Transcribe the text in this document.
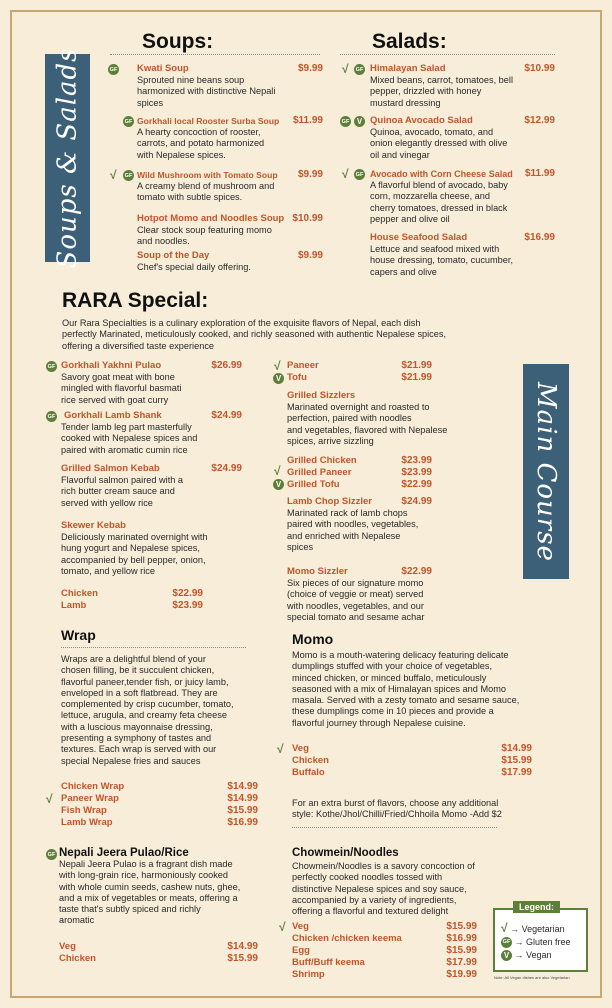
Soups & Salads
Soups:	Salads:
GF Kwati Soup	$9.99
Sprouted nine beans soup
harmonized with distinctive Nepali
spices
GF Gorkhali local Rooster Surba Soup $11.99
A hearty concoction of rooster,
carrots, and potato harmonized
with Nepalese spices.
√	GF Wild Mushroom with Tomato Soup $9.99
A creamy blend of mushroom and
tomato with subtle spices.
Hotpot Momo and Noodles Soup $10.99
Clear stock soup featuring momo
and noodles.
Soup of the Day	$9.99
Chef's special daily offering.
√	GF Himalayan Salad	$10.99
Mixed beans, carrot, tomatoes, bell
pepper, drizzled with honey
mustard dressing
GF V Quinoa Avocado Salad	$12.99
Quinoa, avocado, tomato, and
onion elegantly dressed with olive
oil and vinegar
√	GF Avocado with Corn Cheese Salad $11.99
A flavorful blend of avocado, baby
corn, mozzarella cheese, and
cherry tomatoes, dressed in black
pepper and olive oil
House Seafood Salad	$16.99
Lettuce and seafood mixed with
house dressing, tomato, cucumber,
capers and olive
RARA Special:
Our Rara Specialties is a culinary exploration of the exquisite flavors of Nepal, each dish
perfectly Marinated, meticulously cooked, and richly seasoned with authentic Nepalese spices,
offering a diversified taste experience
Main Course
GF Gorkhali Yakhni Pulao	$26.99
Savory goat meat with bone
mingled with flavorful basmati
rice served with goat curry
GF Gorkhali Lamb Shank	$24.99
Tender lamb leg part masterfully
cooked with Nepalese spices and
paired with aromatic cumin rice
Grilled Salmon Kebab	$24.99
Flavorful salmon paired with a
rich butter cream sauce and
served with yellow rice
Skewer Kebab
Deliciously marinated overnight with
hung yogurt and Nepalese spices,
accompanied by bell pepper, onion,
tomato, and yellow rice
Chicken	$22.99
Lamb	$23.99
√
V
Paneer	$21.99
Tofu	$21.99
Grilled Sizzlers
Marinated overnight and roasted to
perfection, paired with noodles
and vegetables, flavored with Nepalese
spices, arrive sizzling
√
V
Grilled Chicken	$23.99
Grilled Paneer	$23.99
Grilled Tofu	$22.99
Lamb Chop Sizzler	$24.99
Marinated rack of lamb chops
paired with noodles, vegetables,
and enriched with Nepalese
spices
Momo Sizzler	$22.99
Six pieces of our signature momo
(choice of veggie or meat) served
with noodles, vegetables, and our
special tomato and sesame achar
Wrap
Wraps are a delightful blend of your
chosen filling, be it succulent chicken,
flavorful paneer,tender fish, or juicy lamb,
enveloped in a soft flatbread. They are
complemented by crisp cucumber, tomato,
lettuce, arugula, and creamy feta cheese
with a luscious mayonnaise dressing,
presenting a symphony of tastes and
textures. Each wrap is served with our
special Nepalese fries and sauces
√
Chicken Wrap	$14.99
Paneer Wrap	$14.99
Fish Wrap	$15.99
Lamb Wrap	$16.99
Momo
Momo is a mouth-watering delicacy featuring delicate
dumplings stuffed with your choice of vegetables,
minced chicken, or minced buffalo, meticulously
seasoned with a mix of Himalayan spices and Momo
masala. Served with a zesty tomato and sesame sauce,
these dumplings come in 10 pieces and provide a
flavorful journey through Nepalese cuisine.
√ Veg	$14.99
Chicken	$15.99
Buffalo	$17.99
For an extra burst of flavors, choose any additional
style: Kothe/Jhol/Chilli/Fried/Chhoila Momo -Add $2
GF Nepali Jeera Pulao/Rice
Nepali Jeera Pulao is a fragrant dish made
with long-grain rice, harmoniously cooked
with whole cumin seeds, cashew nuts, ghee,
and a mix of vegetables or meats, offering a
taste that's subtly spiced and richly
aromatic
Veg	$14.99
Chicken	$15.99
Chowmein/Noodles
Chowmein/Noodles is a savory concoction of
perfectly cooked noodles tossed with
distinctive Nepalese spices and soy sauce,
accompanied by a variety of ingredients,
offering a flavorful and textured delight
√ Veg	$15.99
Chicken /chicken keema	$16.99
Egg	$15.99
Buff/Buff keema	$17.99
Shrimp	$19.99
Legend:
√ → Vegetarian
GF → Gluten free
V → Vegan
Note: All Vegan dishes are also Vegetarian
